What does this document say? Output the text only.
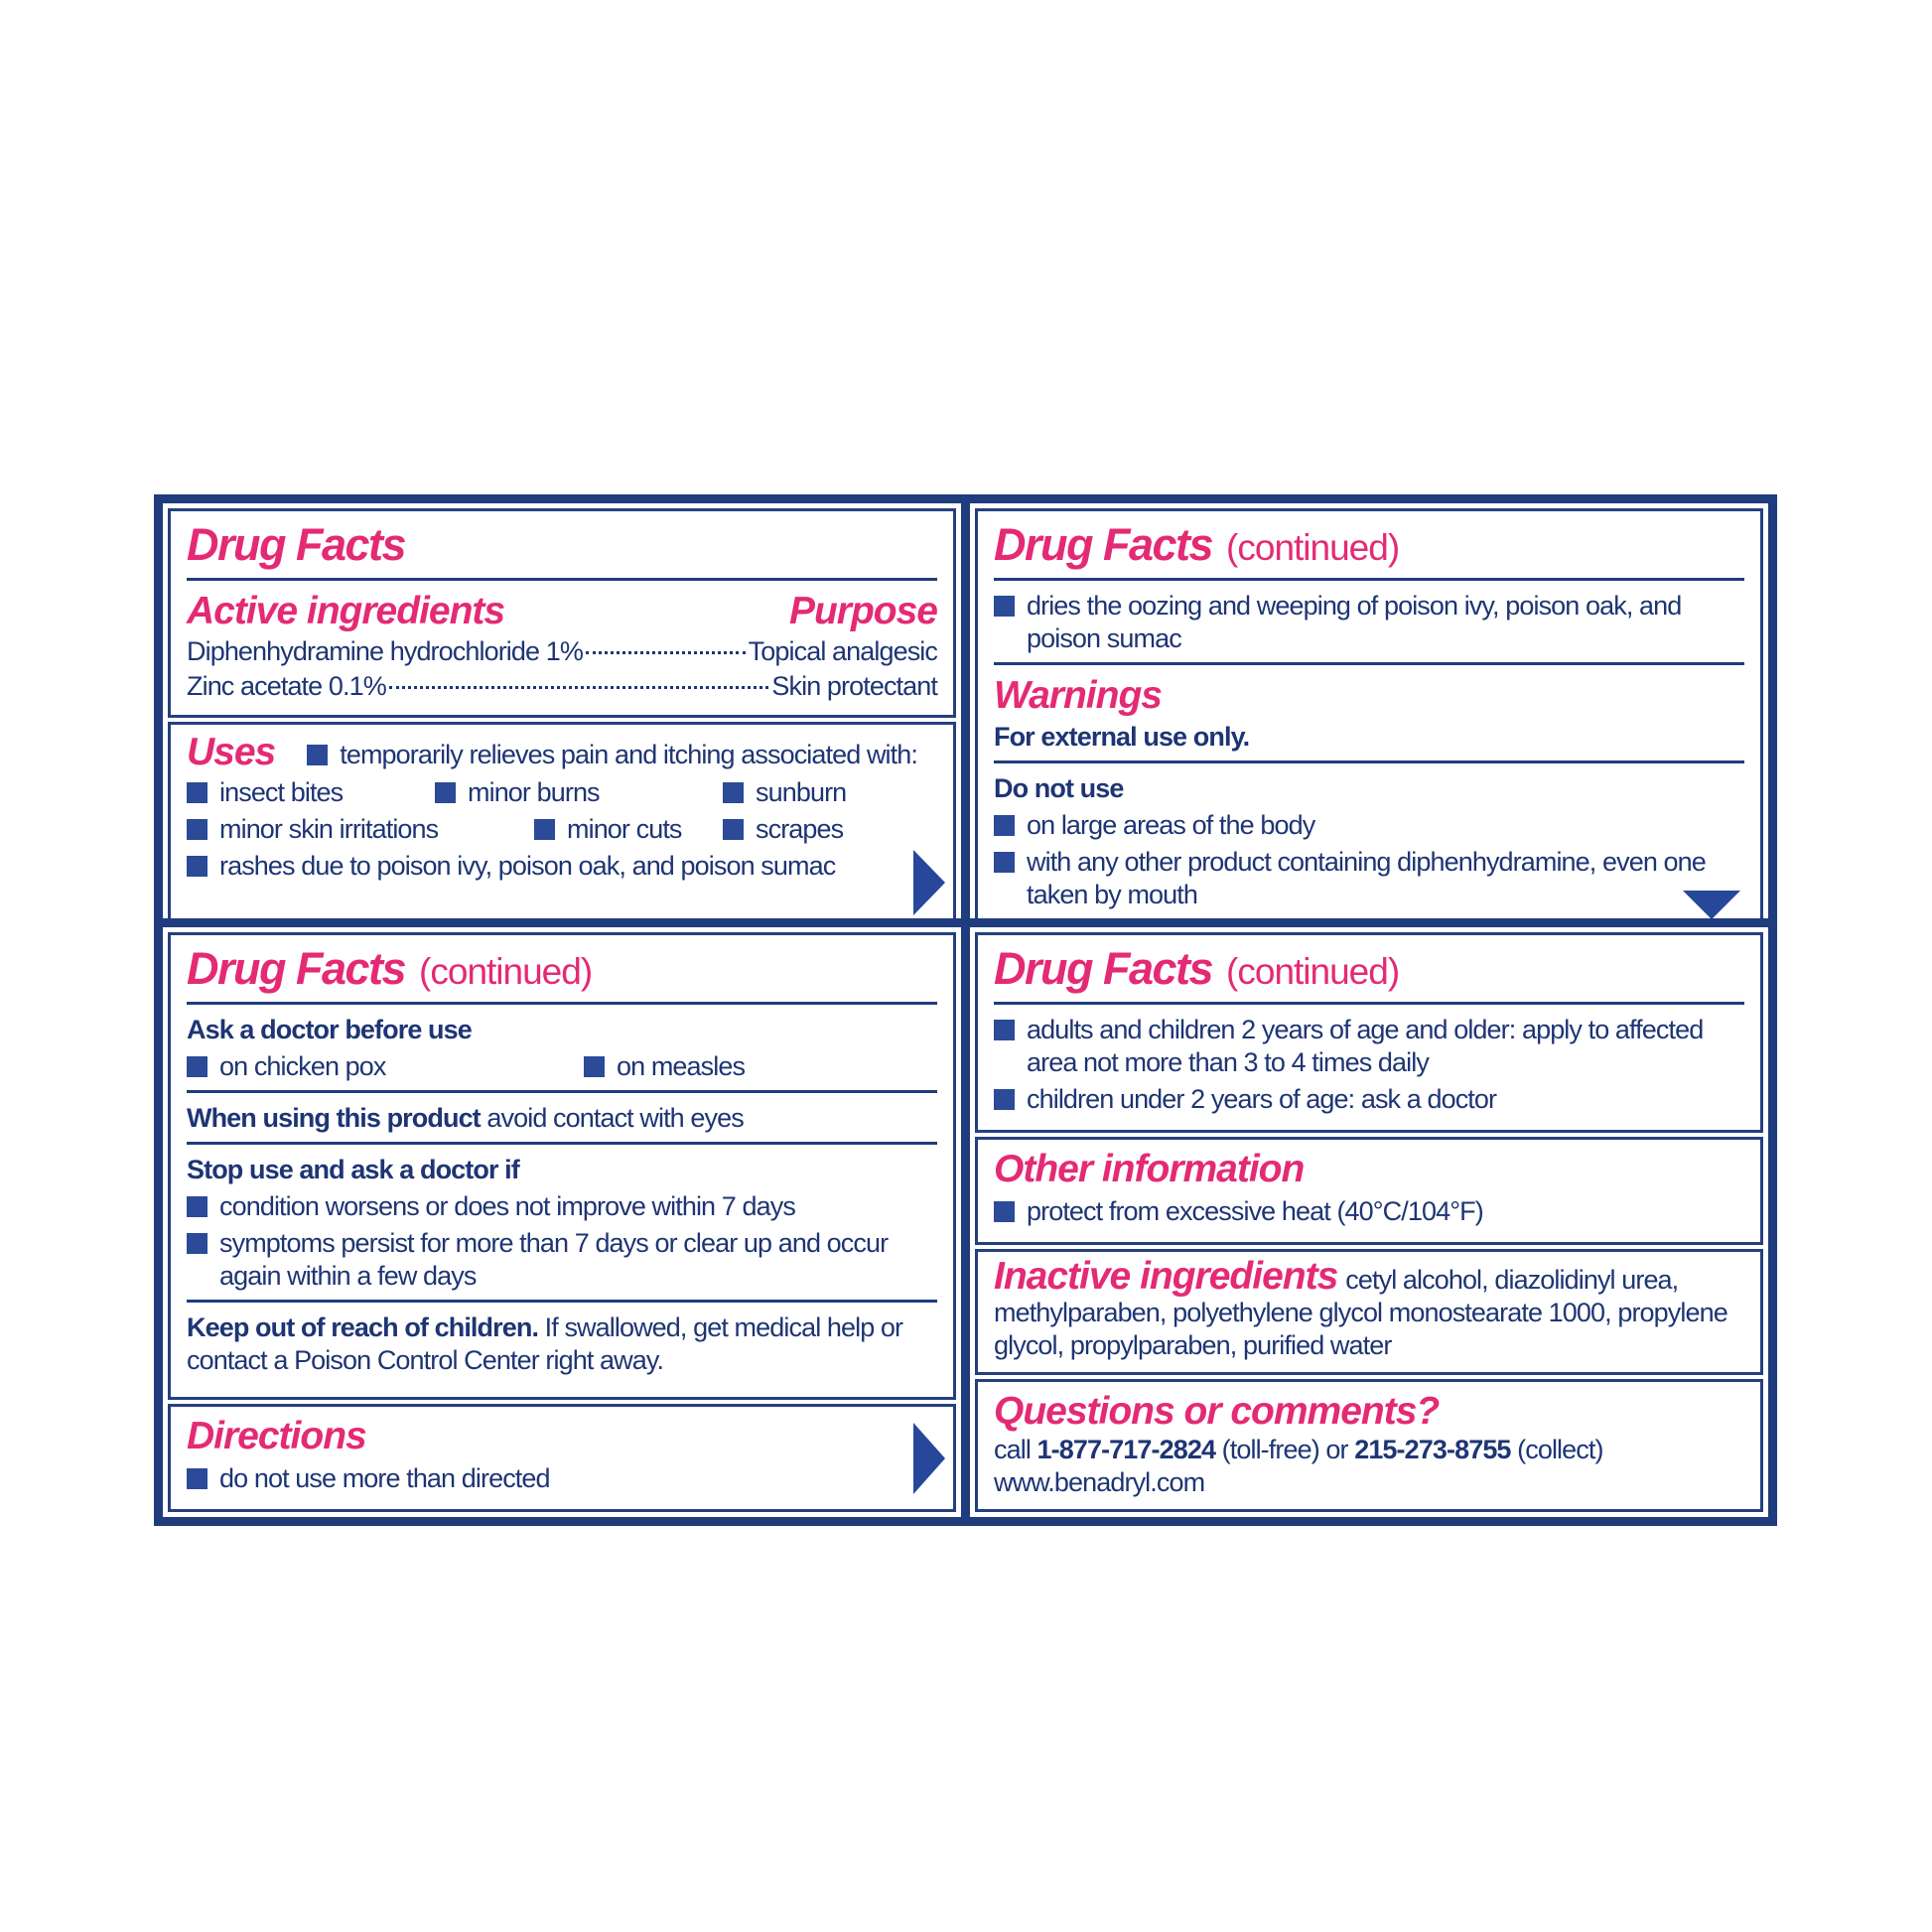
Drug Facts
Active ingredients	Purpose
Diphenhydramine hydrochloride 1%	Topical analgesic
Zinc acetate 0.1%	Skin protectant
Uses temporarily relieves pain and itching associated with:
insect bites	minor burns	sunburn
minor skin irritations	minor cuts	scrapes
rashes due to poison ivy, poison oak, and poison sumac
Drug Facts (continued)
dries the oozing and weeping of poison ivy, poison oak, and poison sumac
Warnings
For external use only.
Do not use
on large areas of the body
with any other product containing diphenhydramine, even one taken by mouth
Drug Facts (continued)
Ask a doctor before use
on chicken pox	on measles
When using this product avoid contact with eyes
Stop use and ask a doctor if
condition worsens or does not improve within 7 days
symptoms persist for more than 7 days or clear up and occur again within a few days
Keep out of reach of children. If swallowed, get medical help or contact a Poison Control Center right away.
Directions
do not use more than directed
Drug Facts (continued)
adults and children 2 years of age and older: apply to affected area not more than 3 to 4 times daily
children under 2 years of age: ask a doctor
Other information
protect from excessive heat (40°C/104°F)
Inactive ingredients cetyl alcohol, diazolidinyl urea, methylparaben, polyethylene glycol monostearate 1000, propylene glycol, propylparaben, purified water
Questions or comments?
call 1-877-717-2824 (toll-free) or 215-273-8755 (collect)
www.benadryl.com
